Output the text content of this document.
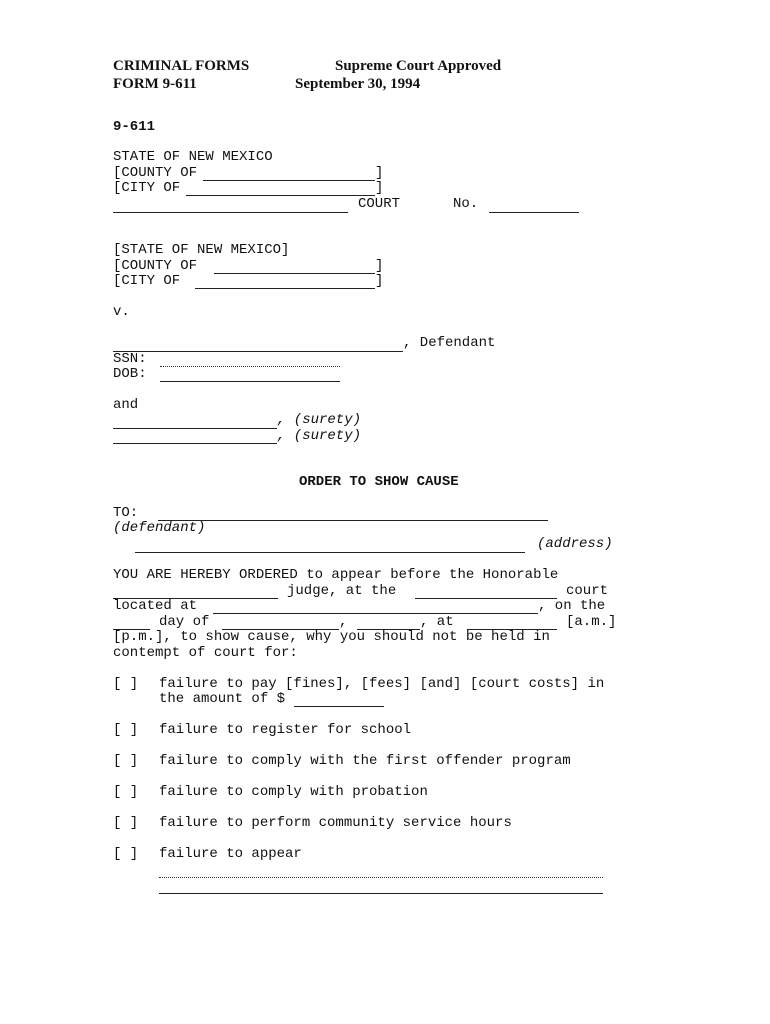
CRIMINAL FORMS
FORM 9-611
Supreme Court Approved
September 30, 1994
9-611
STATE OF NEW MEXICO
[COUNTY OF	]
[CITY OF	]
COURT	No.
[STATE OF NEW MEXICO]
[COUNTY OF	]
[CITY OF	]
v.
, Defendant
SSN:
DOB:
and
, (surety)
, (surety)
ORDER TO SHOW CAUSE
TO:
(defendant)
(address)
YOU ARE HEREBY ORDERED to appear before the Honorable
judge, at the	court
located at	, on the
day of	,	, at	[a.m.]
[p.m.], to show cause, why you should not be held in
contempt of court for:
[ ] failure to pay [fines], [fees] [and] [court costs] in
the amount of $
[ ] failure to register for school
[ ] failure to comply with the first offender program
[ ] failure to comply with probation
[ ] failure to perform community service hours
[ ] failure to appear
